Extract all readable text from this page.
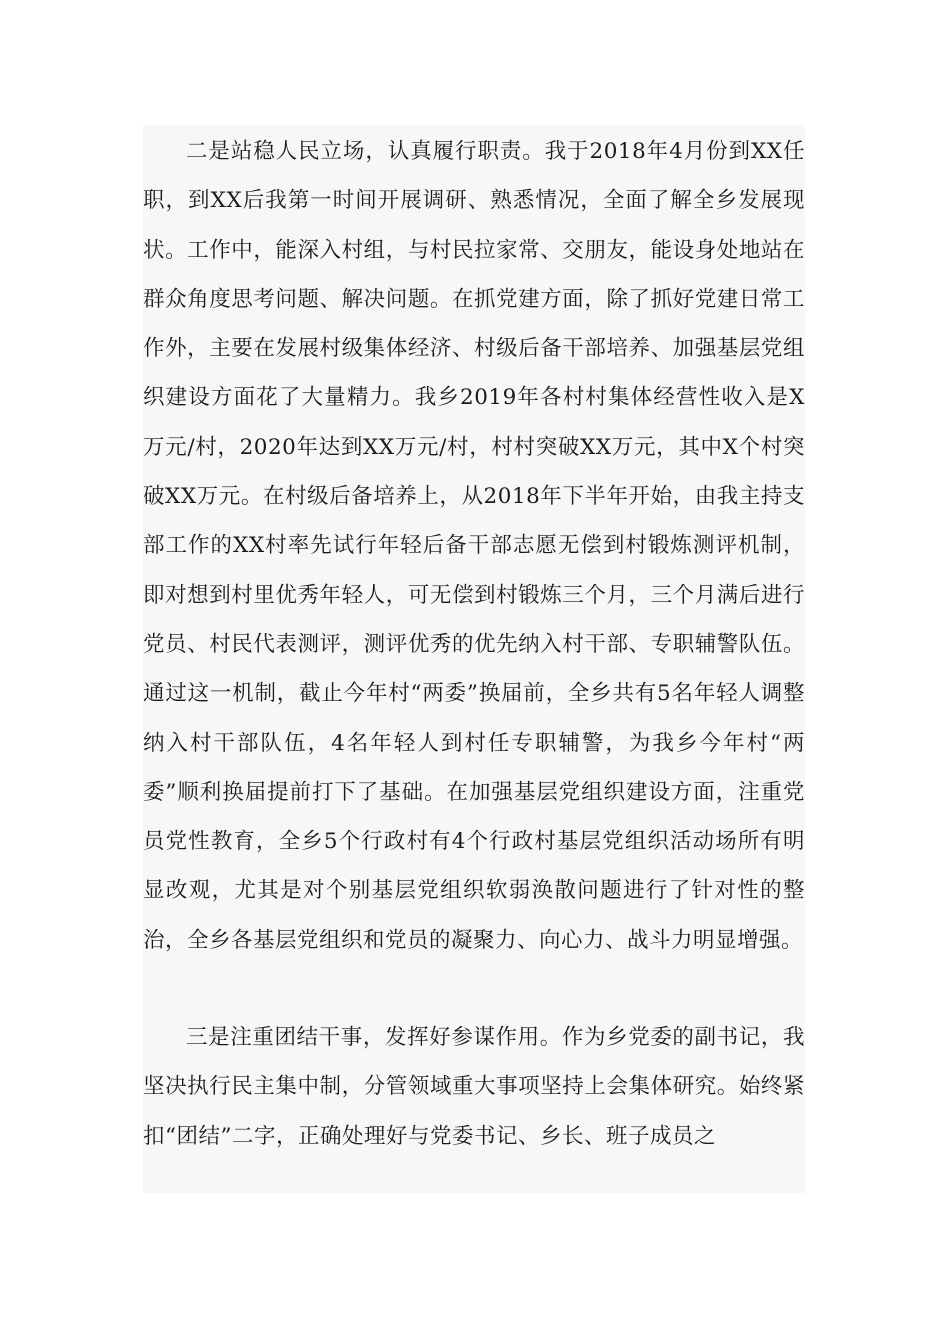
二是站稳人民立场，认真履行职责。我于2018年4月份到XX任职，到XX后我第一时间开展调研、熟悉情况，全面了解全乡发展现状。工作中，能深入村组，与村民拉家常、交朋友，能设身处地站在群众角度思考问题、解决问题。在抓党建方面，除了抓好党建日常工作外，主要在发展村级集体经济、村级后备干部培养、加强基层党组织建设方面花了大量精力。我乡2019年各村村集体经营性收入是X万元/村，2020年达到XX万元/村，村村突破XX万元，其中X个村突破XX万元。在村级后备培养上，从2018年下半年开始，由我主持支部工作的XX村率先试行年轻后备干部志愿无偿到村锻炼测评机制，即对想到村里优秀年轻人，可无偿到村锻炼三个月，三个月满后进行党员、村民代表测评，测评优秀的优先纳入村干部、专职辅警队伍。通过这一机制，截止今年村“两委”换届前，全乡共有5名年轻人调整纳入村干部队伍，4名年轻人到村任专职辅警，为我乡今年村“两委”顺利换届提前打下了基础。在加强基层党组织建设方面，注重党员党性教育，全乡5个行政村有4个行政村基层党组织活动场所有明显改观，尤其是对个别基层党组织软弱涣散问题进行了针对性的整治，全乡各基层党组织和党员的凝聚力、向心力、战斗力明显增强。

三是注重团结干事，发挥好参谋作用。作为乡党委的副书记，我坚决执行民主集中制，分管领域重大事项坚持上会集体研究。始终紧扣“团结”二字，正确处理好与党委书记、乡长、班子成员之
